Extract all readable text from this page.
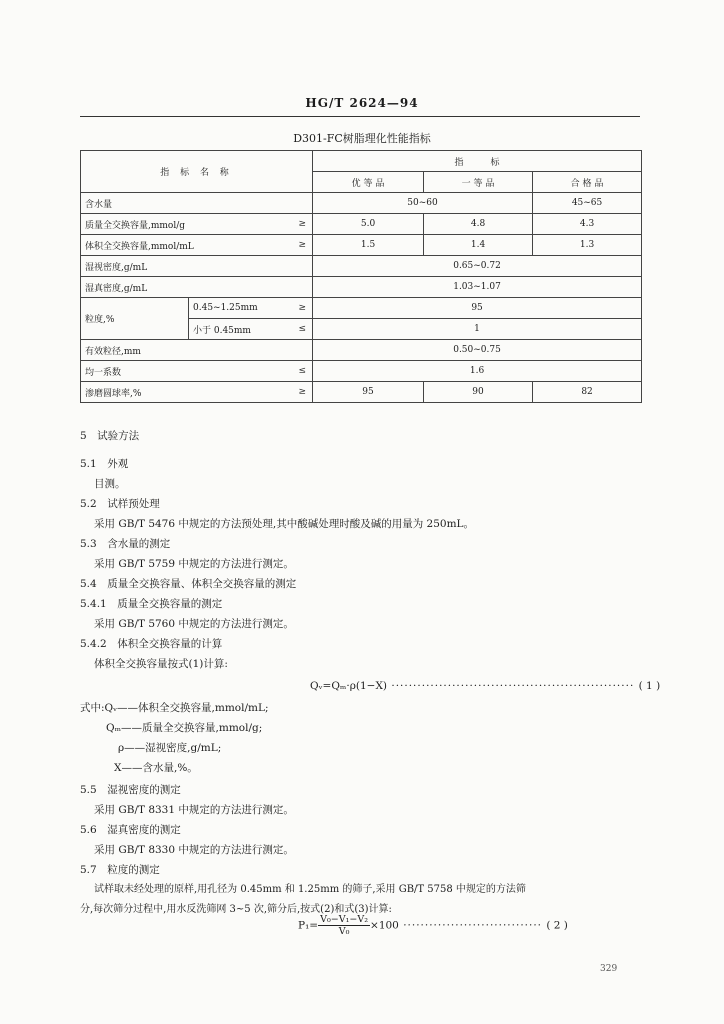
HG/T 2624—94
D301-FC树脂理化性能指标
指 标 名 称			指　　　标		
			优 等 品	一 等 品	合 格 品
含水量			50~60		45~65
质量全交换容量,mmol/g		≥	5.0	4.8	4.3
体积全交换容量,mmol/mL		≥	1.5	1.4	1.3
湿视密度,g/mL			0.65~0.72		
湿真密度,g/mL			1.03~1.07		
粒度,%	0.45~1.25mm	≥	95		
	小于 0.45mm	≤	1		
有效粒径,mm			0.50~0.75		
均一系数		≤	1.6		
渗磨圆球率,%		≥	95	90	82
5　试验方法
5.1　外观
目测。
5.2　试样预处理
采用 GB/T 5476 中规定的方法预处理,其中酸碱处理时酸及碱的用量为 250mL。
5.3　含水量的测定
采用 GB/T 5759 中规定的方法进行测定。
5.4　质量全交换容量、体积全交换容量的测定
5.4.1　质量全交换容量的测定
采用 GB/T 5760 中规定的方法进行测定。
5.4.2　体积全交换容量的计算
体积全交换容量按式(1)计算:
Qᵥ=Qₘ·ρ(1−X) ························································ ( 1 )
式中:Qᵥ——体积全交换容量,mmol/mL;
Qₘ——质量全交换容量,mmol/g;
ρ——湿视密度,g/mL;
X——含水量,%。
5.5　湿视密度的测定
采用 GB/T 8331 中规定的方法进行测定。
5.6　湿真密度的测定
采用 GB/T 8330 中规定的方法进行测定。
5.7　粒度的测定
试样取未经处理的原样,用孔径为 0.45mm 和 1.25mm 的筛子,采用 GB/T 5758 中规定的方法筛
分,每次筛分过程中,用水反洗筛网 3~5 次,筛分后,按式(2)和式(3)计算:
$P_1= \frac{\text{V₀−V₁−V₂}}{\text{V₀}} \times 100$ ································ ( 2 )
329
